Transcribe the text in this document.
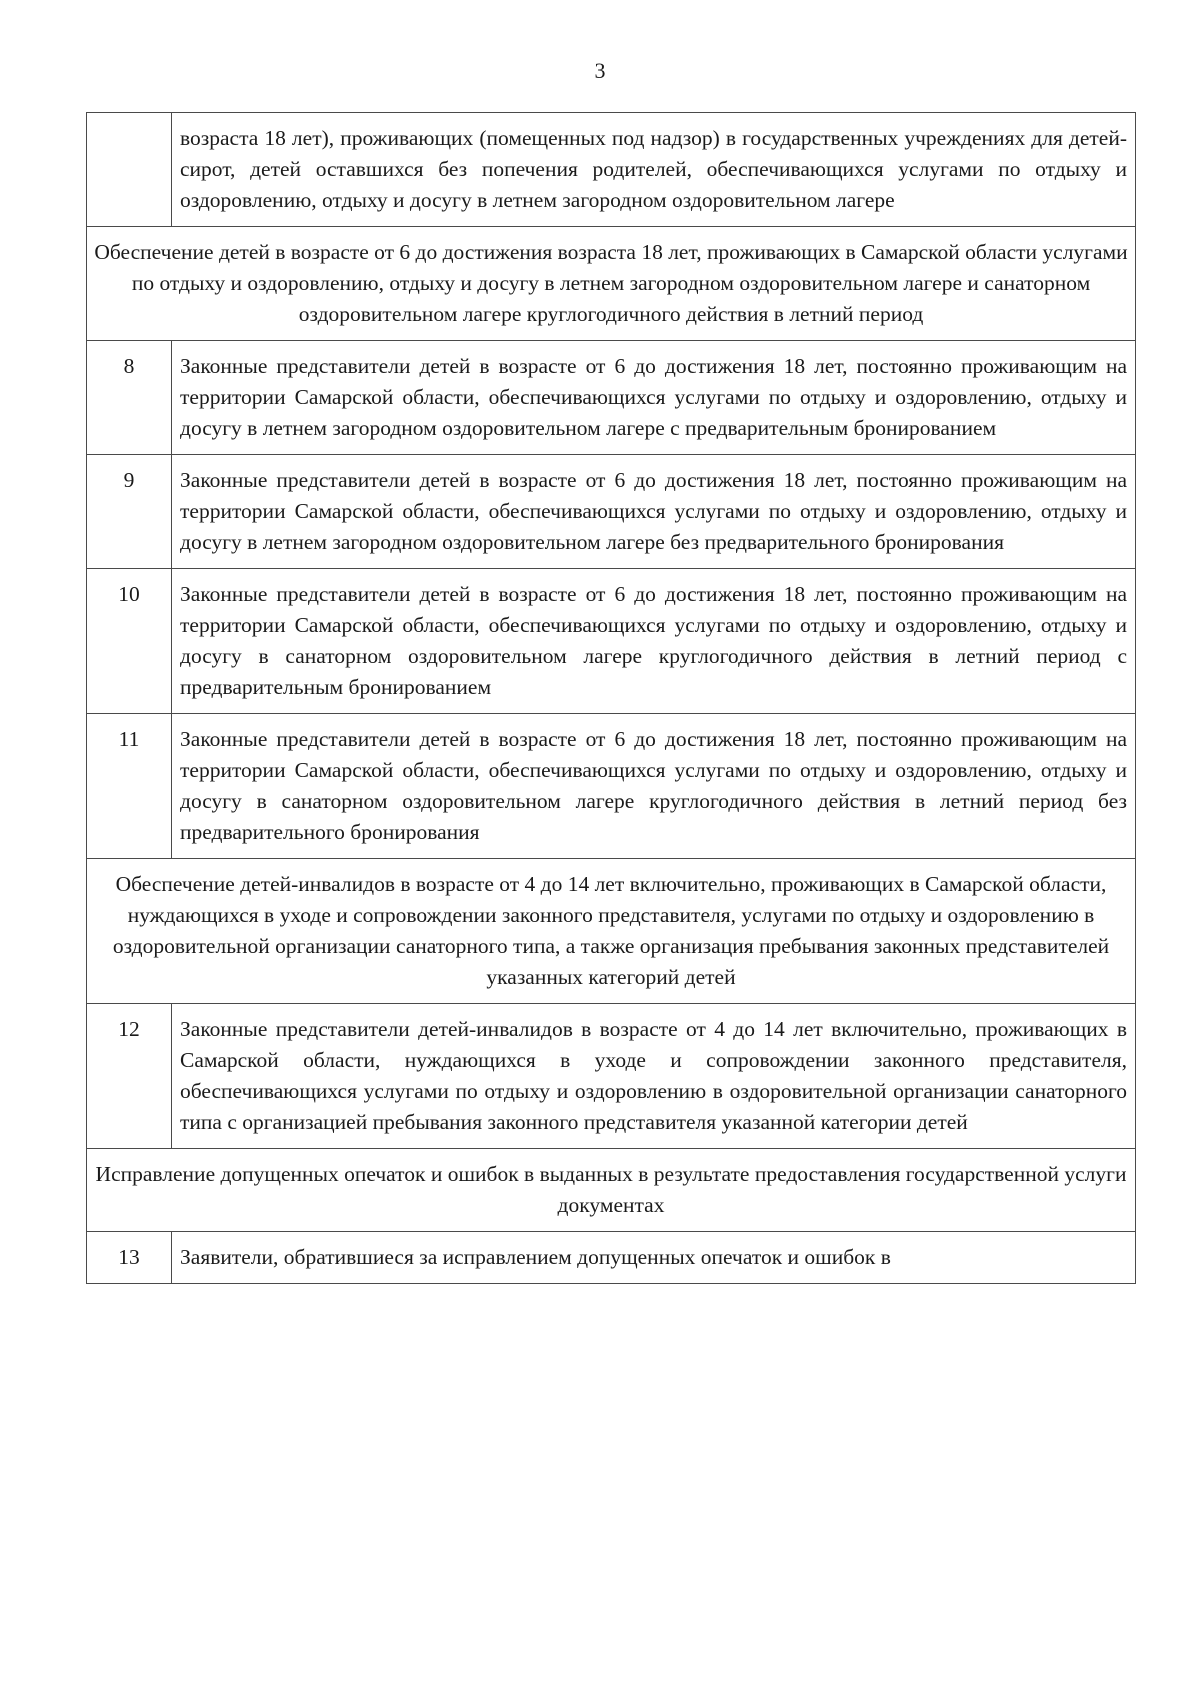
3
	возраста 18 лет), проживающих (помещенных под надзор) в государственных учреждениях для детей-сирот, детей оставшихся без попечения родителей, обеспечивающихся услугами по отдыху и оздоровлению, отдыху и досугу в летнем загородном оздоровительном лагере
Обеспечение детей в возрасте от 6 до достижения возраста 18 лет, проживающих в Самарской области услугами по отдыху и оздоровлению, отдыху и досугу в летнем загородном оздоровительном лагере и санаторном оздоровительном лагере круглогодичного действия в летний период	
8	Законные представители детей в возрасте от 6 до достижения 18 лет, постоянно проживающим на территории Самарской области, обеспечивающихся услугами по отдыху и оздоровлению, отдыху и досугу в летнем загородном оздоровительном лагере с предварительным бронированием
9	Законные представители детей в возрасте от 6 до достижения 18 лет, постоянно проживающим на территории Самарской области, обеспечивающихся услугами по отдыху и оздоровлению, отдыху и досугу в летнем загородном оздоровительном лагере без предварительного бронирования
10	Законные представители детей в возрасте от 6 до достижения 18 лет, постоянно проживающим на территории Самарской области, обеспечивающихся услугами по отдыху и оздоровлению, отдыху и досугу в санаторном оздоровительном лагере круглогодичного действия в летний период с предварительным бронированием
11	Законные представители детей в возрасте от 6 до достижения 18 лет, постоянно проживающим на территории Самарской области, обеспечивающихся услугами по отдыху и оздоровлению, отдыху и досугу в санаторном оздоровительном лагере круглогодичного действия в летний период без предварительного бронирования
Обеспечение детей-инвалидов в возрасте от 4 до 14 лет включительно, проживающих в Самарской области, нуждающихся в уходе и сопровождении законного представителя, услугами по отдыху и оздоровлению в оздоровительной организации санаторного типа, а также организация пребывания законных представителей указанных категорий детей	
12	Законные представители детей-инвалидов в возрасте от 4 до 14 лет включительно, проживающих в Самарской области, нуждающихся в уходе и сопровождении законного представителя, обеспечивающихся услугами по отдыху и оздоровлению в оздоровительной организации санаторного типа с организацией пребывания законного представителя указанной категории детей
Исправление допущенных опечаток и ошибок в выданных в результате предоставления государственной услуги документах	
13	Заявители, обратившиеся за исправлением допущенных опечаток и ошибок в
